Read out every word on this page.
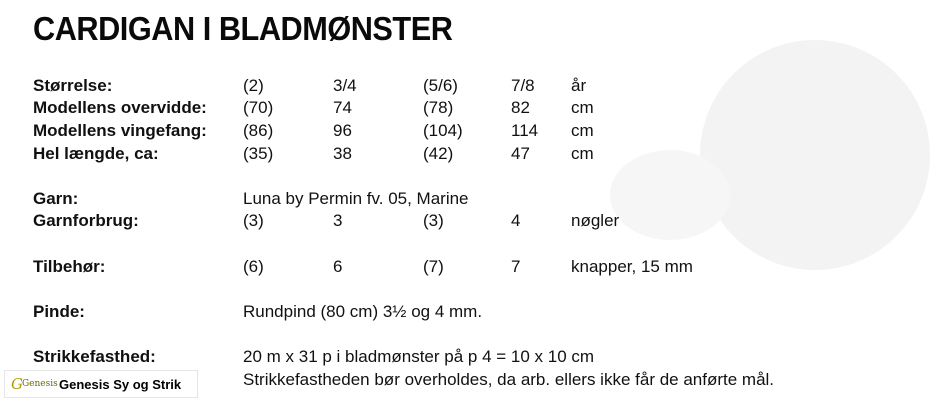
CARDIGAN I BLADMØNSTER
Størrelse:	(2)	3/4	(5/6)	7/8 år
Modellens overvidde: (70)	74	(78)	82 cm
Modellens vingefang: (86)	96	(104)	114 cm
Hel længde, ca:	(35)	38	(42)	47 cm
Garn:	Luna by Permin fv. 05, Marine
Garnforbrug:	(3)	3	(3)	4	nøgler
Tilbehør:	(6)	6	(7)	7	knapper, 15 mm
Pinde:	Rundpind (80 cm) 3½ og 4 mm.
Strikkefasthed:	20 m x 31 p i bladmønster på p 4 = 10 x 10 cm
Strikkefastheden bør overholdes, da arb. ellers ikke får de anførte mål.
G Genesis Genesis Sy og Strik
